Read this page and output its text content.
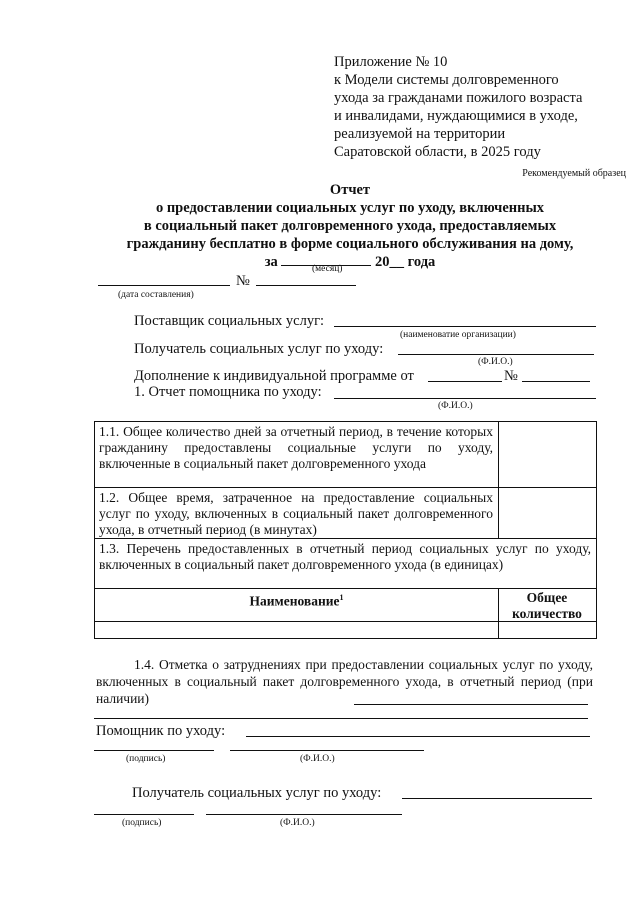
Приложение № 10
к Модели системы долговременного
ухода за гражданами пожилого возраста
и инвалидами, нуждающимися в уходе,
реализуемой на территории
Саратовской области, в 2025 году
Рекомендуемый образец
Отчет
о предоставлении социальных услуг по уходу, включенных
в социальный пакет долговременного ухода, предоставляемых
гражданину бесплатно в форме социального обслуживания на дому,
за	20__ года
(месяц)
№
(дата составления)
Поставщик социальных услуг:
(наименоватие организации)
Получатель социальных услуг по уходу:
(Ф.И.О.)
Дополнение к индивидуальной программе от	№
1. Отчет помощника по уходу:
(Ф.И.О.)
1.1. Общее количество дней за отчетный период, в течение которых гражданину предоставлены социальные услуги по уходу, включенные в социальный пакет долговременного ухода
1.2. Общее время, затраченное на предоставление социальных услуг по уходу, включенных в социальный пакет долговременного ухода, в отчетный период (в минутах)
1.3. Перечень предоставленных в отчетный период социальных услуг по уходу, включенных в социальный пакет долговременного ухода (в единицах)
Наименование$^1$	Общее количество
1.4. Отметка о затруднениях при предоставлении социальных услуг по уходу, включенных в социальный пакет долговременного ухода, в отчетный период (при наличии)
Помощник по уходу:
(подпись)	(Ф.И.О.)
Получатель социальных услуг по уходу:
(подпись)	(Ф.И.О.)
